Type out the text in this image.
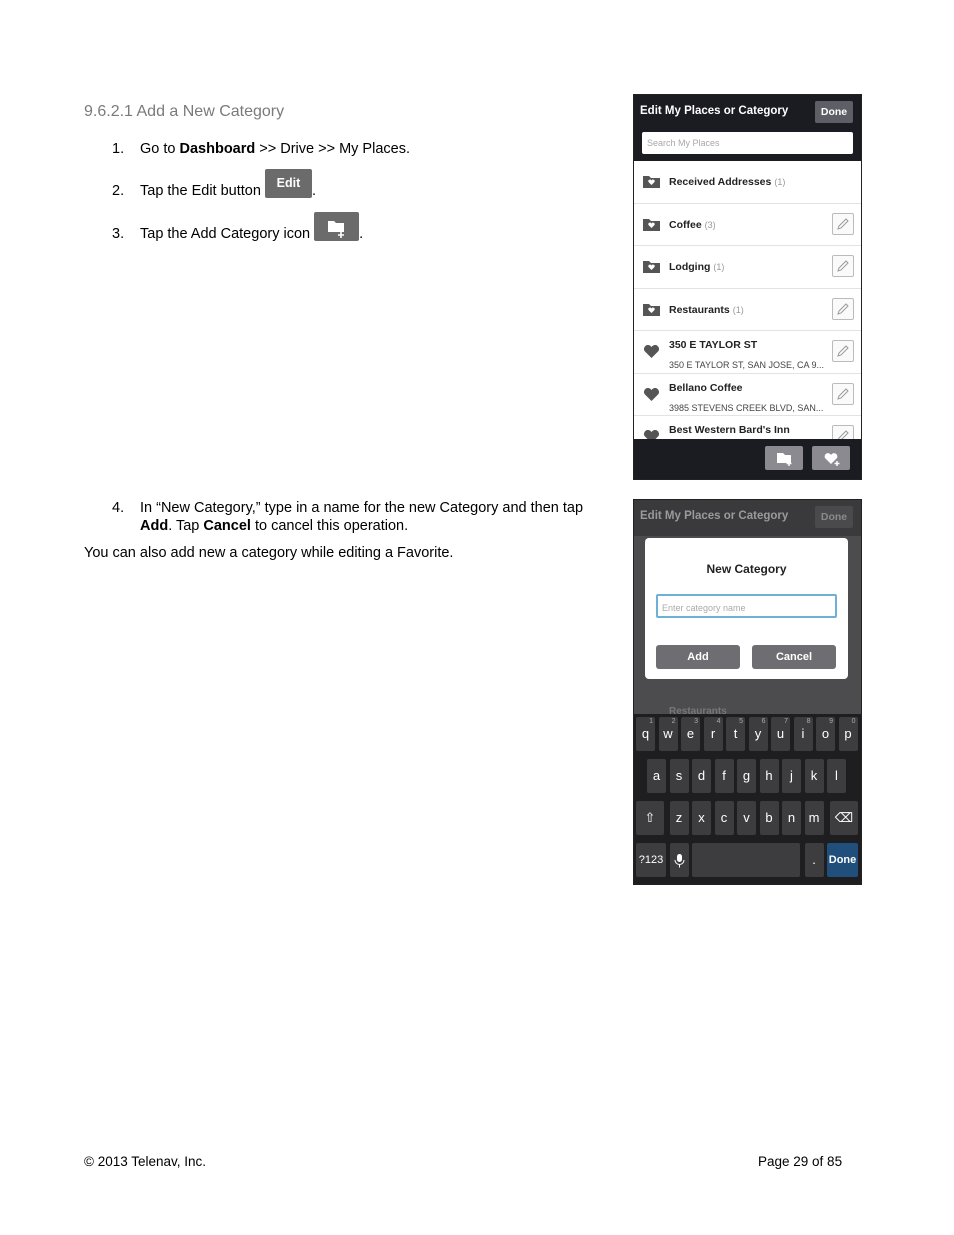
9.6.2.1 Add a New Category
1. Go to Dashboard >> Drive >> My Places.
2. Tap the Edit button Edit.
3. Tap the Add Category icon	.
4. In “New Category,” type in a name for the new Category and then tap
Add. Tap Cancel to cancel this operation.
You can also add new a category while editing a Favorite.
Edit My Places or Category	Done
Search My Places
Received Addresses (1)
Coffee (3)
Lodging (1)
Restaurants (1)
350 E TAYLOR ST
350 E TAYLOR ST, SAN JOSE, CA 9...
Bellano Coffee
3985 STEVENS CREEK BLVD, SAN...
Best Western Bard's Inn
Edit My Places or Category	Done
New Category
Enter category name
Add	Cancel
Restaurants
1
q
2
w
3
e
4
r
5
t
6
y
7
u
8
i
9
o
0
p
a	s	d	f	g	h	j	k	l
⇧	z	x	c	v	b	n	m	⌫
?123	.	Done
© 2013 Telenav, Inc.	Page 29 of 85
